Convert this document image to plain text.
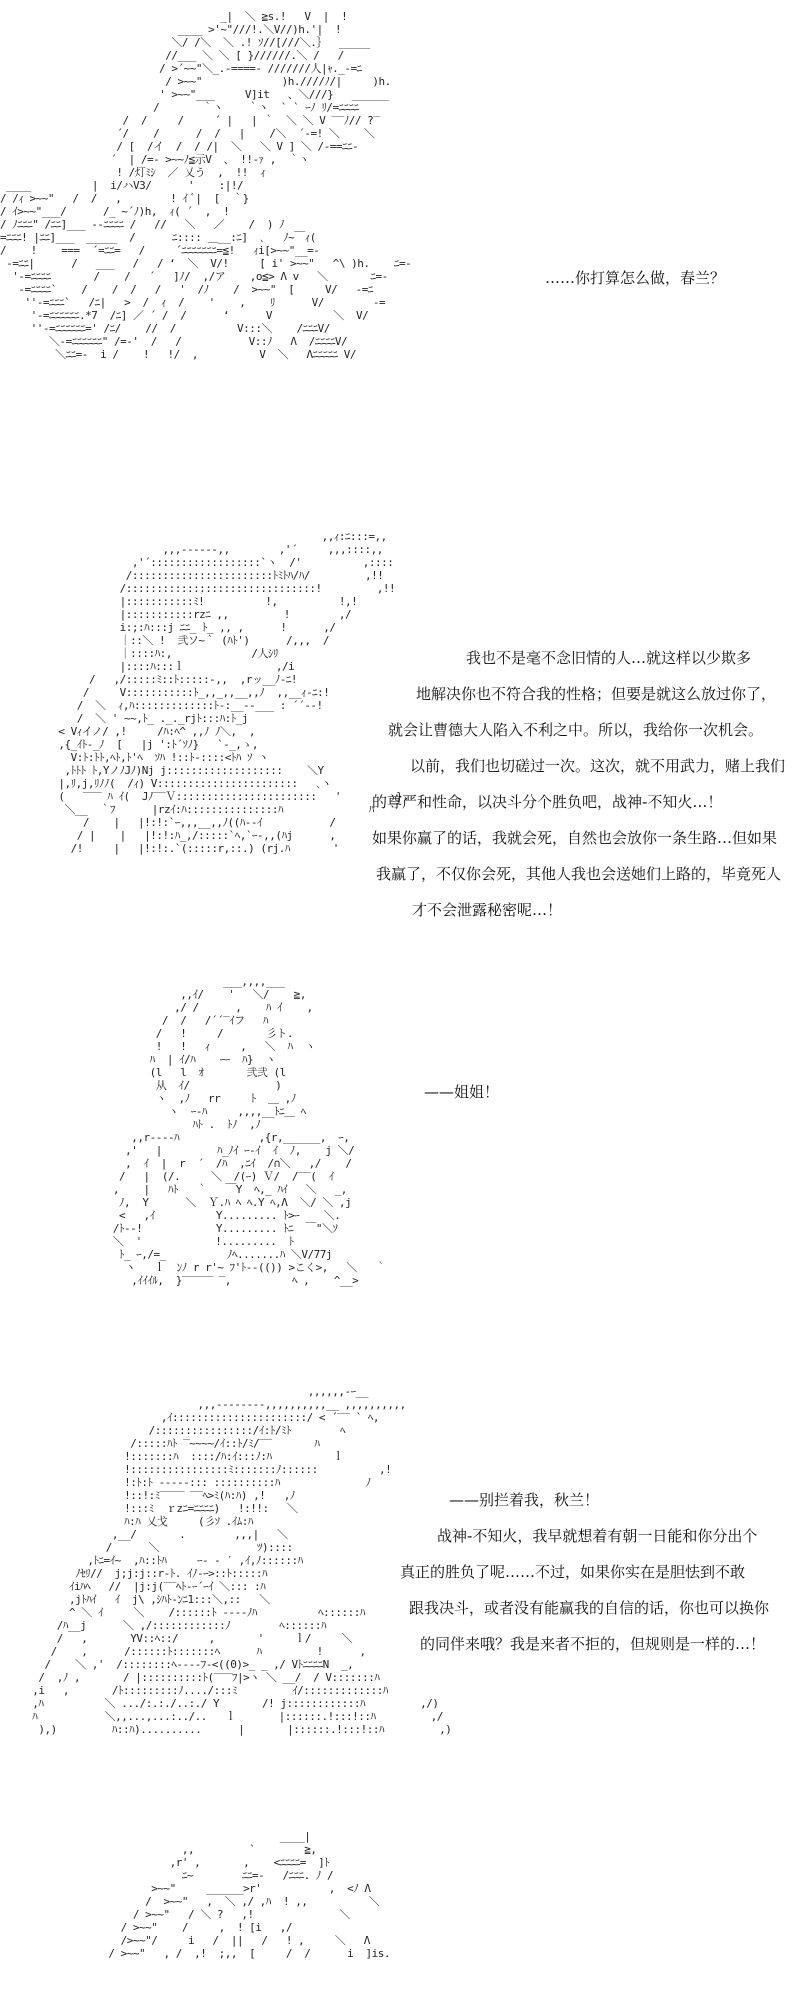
_|  ＼ ≧s.!   V  |  !
____ >'~"///!.＼V//)h.'|  !
＼/ /＼  ＼ .! ｿ//[///＼.｝  _____
//___ ＼ ＼ [ }//////.＼ /   /
/ >´~~"＼_.-====- ///////人|ｬ._-=ﾆ
/ >~~"             )h.////ﾉ/|     )h.
' >~~"___     V]it   、＼///}   ______
/       ｀ヽ    ｀ヽ  ` ` ｰﾉ ﾘ/=ﾆﾆﾆﾆ
/  /     /     ´ |   | ｀  ＼ ＼ V ‾‾ﾉ// ?‾
´/    /      /  /   |    /＼  ´‐=! ＼    ＼
/ [  /イ  /  / /|  ＼   ＼ V ] ＼ /-==ﾆﾆ-
´  | /=- >~~ﾉ≦示V  、 !!-ｧ ,  ｀ヽ
! /灯ﾐｼ  ／ 乂う  ,  !!  ｨ
____          |  i/ハV3/      '    :|!/
/ /ｨ >~~"   /  /   ,        ! ｲ ﾞ|  [  ｀}
/ ｲ>~~"___/      /_ ~´ﾉ)h,  ｨ( ´  ,  !
/ ﾉﾆﾆﾆ" /ﾆﾆ]___ ‐‐ﾆﾆﾆﾆ /   //   ＼   ／    /  ) ﾉ
=ﾆﾆﾆ! |ﾆﾆ]___  _____  /      ﾆ:::: ＿__:ﾆ]  ､   ﾉ~￣ｨ(
/    !    ===  ´=ﾆﾆ=   /     ´ﾆﾆﾆﾆﾆﾆﾆ=≦!   ｨi[>~~"__=-
-=ﾆﾆ|      /   ___   /   / ‘  ＼  V/!     [ i' >~~"   ^\ )h.    ﾆ=-
'-=ﾆﾆﾆﾆ       /    /   ´   ]ﾉ/  ,/ア    ,o≦> Λ v   ＼       ﾆ=-
-=ﾆﾆﾆﾆ`    /    /  /   /   '  /ﾉ    /  >~~"  [     V/   -=ﾆ
''-=ﾆﾆﾆ`   /ﾆ|   >  /  ｨ  /    '    ,    ﾘ      V/        -=
'-=ﾆﾆﾆﾆﾆﾆ.*7  /ﾆ] ／ ´ /  /      ‘      V          ＼  V/
''-=ﾆﾆﾆﾆﾆﾆ=' /ﾆ/    //  /          V:::＼    /ﾆﾆﾆV/
＼-=ﾆﾆﾆﾆﾆﾆ" /=-'  /   /           V::ﾉ   Λ  /ﾆﾆﾆﾆV/
＼ﾆﾆ=-  i /    !   !/  ,          V  ＼   Λﾆﾆﾆﾆﾆ V/

……你打算怎么做，春兰？
,,ｨ:ﾆ:::=,,
,,,------,,        ,'´     ,,,::::,,
,'´::::::::::::::::::`ヽ  /'          ,::::
/:::::::::::::::::::::::ﾄﾐﾄﾊ/ﾊ/         ,!!
/:::::::::::::::::::::::::::::::!         ,!!
|:::::::::::ﾐ!          !,          !,!
|:::::::::::rzﾆ ,,         !        ,/
i:;:ﾊ:::j ﾆﾆ_ ﾄ_ ,, ,      !      ,/
｜::＼ !  弐ソ~｀ (ﾊﾄ')      /,,,  /
｜::::ﾊ:,             /人ｼﾘ
|::::ﾊ:::ｌ               ,/i
/   ,/:::::ﾐ::ﾄ:::::-,,  ,rッ__ﾉ-ﾆ!
/     V:::::::::::ﾄ_,,_,,__,,ﾉ  ,,__ｨ-ﾆ:!
/  ＼  ｨ,ﾊ:::::::::::::ﾄ-:__--___ : ´´‐-!
/  ＼ ' ~~,ﾄ_ ._._rjﾄ:::ﾊ:ﾄ_j
< Vｨイノ/ ,!     /ﾊ:ﾍ^ ,,ﾉ ﾉ＼,  ,
,{_ｲﾄ-_ﾉ  [   |j ':ﾄ´ｿﾉ}   `-_,ゝ,
V:ﾄ:ﾄﾄ,ﾍﾄ,ﾄ'ﾍ  ｿﾊ !::ﾄ-::::<ﾄﾊ ｿ ヽ
,ﾄﾄﾄ ﾄ,YノﾉJﾉ)Nj j:::::::::::::::::::    ＼Y
|,ﾘ,j,ﾘﾉﾉ(  /ｨ) V:::::::::::::::::::::::   ､ヽ
(   ‾‾‾ ﾊ ｲ(  Jﾉ‾‾Ｖ:::::::::::::::::::::::   '         }.
＼__  ｀ﾌ      |rzｲ:ﾊ:::::::::::::::ﾊ              ﾊ
/    |   |!:!:`ｰ,,,__,,ﾉ((ﾊ--ｲ           /
/ |    |   |!:!:ﾊ_,/:::::`ﾍ,`ｰ-,,(ﾊj      ,
/!     |   |!:!:.`(:::::r,::.) (rj.ﾊ       '

我也不是毫不念旧情的人…就这样以少欺多
地解决你也不符合我的性格；但要是就这么放过你了，
就会让曹德大人陷入不利之中。所以，我给你一次机会。
以前，我们也切磋过一次。这次，就不用武力，赌上我们
的尊严和性命，以决斗分个胜负吧，战神-不知火…！
如果你赢了的话，我就会死，自然也会放你一条生路…但如果
我赢了，不仅你会死，其他人我也会送她们上路的，毕竟死人
才不会泄露秘密呢…！
___,,,,___
,,ｲ/    '   ＼/    ≧,
,/ /      ,    ﾊ ｲ    ,
/  /   /´´‾ｲフ   ﾊ
/   !     /       彡ト.
!   !   ｨ     ,   ＼  ﾊ  ヽ
ﾊ  | ｲ/ﾊ    ｰｰ  ﾊ}  ヽ
(l   l  ｵ       弐弐 (l
从  ｲ/              )
ヽ  ,ﾉ   rr     ﾄ  ＿ ,ﾉ
ヽ  ｰ-ﾊ     ,,,,__ﾄﾆ＿ ﾍ
ﾊﾄ .  ﾄﾉ  ,ﾉ
,,r‐‐‐‐ﾊ             ,{r,______,  ｰ,
,'   |         ﾊ_ﾉｲ ｰ-ｲ  ｲ  ﾉ,    j ＼/
,  ｲ  |  r  ´  /ﾊ  ,ﾆｲ  /∩＼   ,/    /
/   |  (/.     ＼  /(ｰ) Ｖ/  /‾‾(  ｲ
,    |   ﾊﾄ   ｀   ￣Y  ﾍ,_ ﾊｲ   ＼   _,
ﾉ,  Y      ＼  Ｙ.ﾊ ﾍ ﾍ.Y ﾍ,Λ  ＼/ ＼ ,j
<   ,ｲ          Y......... ﾄ>ｰ    ＼.
/ﾄ--!            Y......... ﾄﾆ  ￣"＼ｿ
＼  '            !.........  ﾄ
ﾄ_ ｰ,/=_          ﾉﾍ.......ﾊ ＼V/77j
ヽ   ｌ  ﾝﾉ r r'~ ﾌ'ﾄ--(()) >こく>,   ＼   ｀
,ｲｲｲﾙ,  }‾‾‾‾‾ ‾,          ﾍ ,    ^__>

——姐姐！
,,,,,,-ｰ__
,,,---‐‐‐‐‐,,,,,,,,,,__ ,,,,,,,,,,
,ｲ::::::::::::::::::::::/ < ´‾‾ ` ﾍ,
/::::::::::::::::/ｲ:ﾄ/ﾐﾄ        ﾍ
/:::::ﾊﾄ ‾~~~~/ｲ::ﾄ/ﾐ/‾‾       ﾊ
!:::::::ﾊ  ::::/ﾊ:ｲ:::ﾉ:ﾊ          ｌ
!::::::::::::::::ﾐ:::::::ﾉ::::::          ,!
!:ﾄ:ﾄ -----::: ::::::::::ﾊ              ﾉ
!::!:ﾐ‾‾‾‾ ‾‾ﾍ>ﾐ(ﾊ:ﾊ) ,!   ,ﾉ
!:::ﾐ  ｒzﾆ=ﾆﾆﾆﾆ)   !:!!:   ＼
ﾊ:ﾊ 乂戈     (彡ｿ .ｲﾑ:ﾊ
,__/       .        ,,,|   ＼
/      ＼                ﾂ)::::
,ﾄﾆ=ｲ~  ,ﾊ::ﾄﾊ     ｰ- ‐ ′ ,ｲ,ﾉ::::::ﾊ
ﾉｾﾘ//  j;j:j::r-ﾄ. ｲﾉ-ｰ>::ﾄ:::::ﾊ
ｲiﾊﾍ   //  |j:j(‾‾ﾍﾄ-ｰ´ｰｲ ＼::: :ﾊ
,jﾄﾊｲ   ｲ  j\ ,ｼﾊﾄ-ﾝﾆ1:::＼,::   ＼
^ ＼ ｲ     ＼    /::::::ﾄ ‐‐‐‐ﾉﾊ          ﾍ::::::ﾊ
/ﾊ__j      ＼ ,/::::::::::::ﾉ        ﾍ::::::ﾊ
/   ,       YV::ﾍ::/     ,       '     ｌ/     ＼
/    ,      /::::::ﾄ:::::::ﾍ      ﾊ         !      ,
/    ＼ ,'  /::::::::ﾍ‐‐‐‐ﾌ‐<((0)>_ _ ,/ VﾄﾆﾆﾆﾆN  _,
/  ,ﾉ ,       / |::::::::::ﾄ(‾‾‾ﾌ|>ヽ ＼ __/  / V:::::::ﾊ
,i   ,       /ﾄ:::::::::ﾉ..../:::ﾐ         ｲ/:::::::::::::ﾊ
,ﾊ          ＼ .../:.:./..:./ Y       /! j::::::::::::ﾊ         ,/)
ﾊ           ＼,,...,...:../..   ｌ       |::::::.!:::!::ﾊ         ,/
),)         ﾊ::ﾊ)..........      |       |::::::.!:::!::ﾊ         ,)

——别拦着我，秋兰！
战神-不知火，我早就想着有朝一日能和你分出个
真正的胜负了呢……不过，如果你实在是胆怯到不敢
跟我决斗，或者没有能赢我的自信的话，你也可以换你
的同伴来哦？我是来者不拒的，但规则是一样的…！
____|
,,         `        ≧,
,r' ,       ,    <ﾆﾆﾆﾆ=  ]ﾄ
ﾆ~        ﾆﾆ=-   /ﾆﾆﾆ. ﾉ /
>~~"     ______>r'           ,  <ﾉ Λ
/  >~~"   ,  ＼ ,/ ,ﾊ  ! ,,          ＼
/ >~~"   / ＼ ?   ,!              ＼
/ >~~"    /     ,  ! [i   ,/
/>~~"/     i   /  ||   /   ! ,     ＼   Λ
/ >~~"   , /  ,!  ;,,  [     /  /      i  ]is.
